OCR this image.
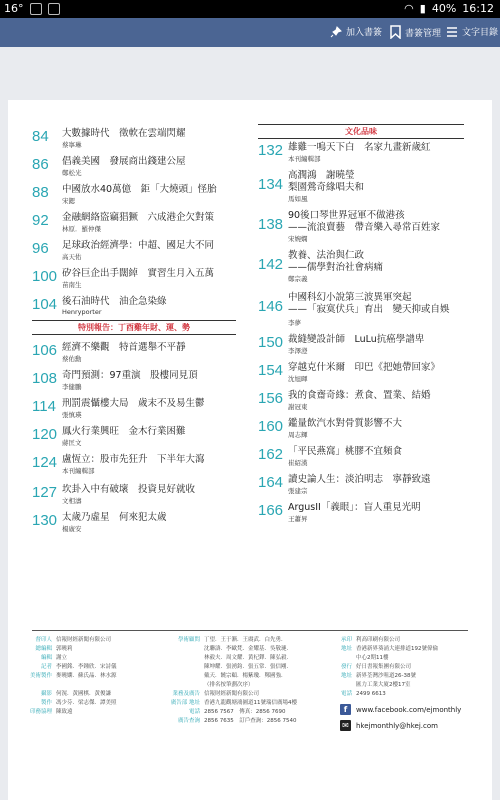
16°	◠ ▮ 40% 16:12
加入書簽	書簽管理 文字目錄
84 大數據時代　徵軟在雲端閃耀
蔡寧琳
86 倡義美國　發展商出錢建公屋
鄭松光
88 中國放水40萬億　鉅「大燒頭」怪胎
宋鍶
92 金融網絡盜竊猖獗　六成港企欠對策
林原．羅仲傑
96 足球政治經濟學：中超、國足大不同
高天佑
100 矽谷巨企出手闊綽　實習生月入五萬
苗南生
104 後石油時代　油企急染綠
Henryporter
特別報告：丁酉雞年財、運、勢
106 經濟不樂觀　特首選舉不平靜
蔡佑勳
108 奇門預測：97重演　股樓同見頂
李健鵬
114 刑罰震懾樓大局　歲末不及易生鬱
張慎瑛
120 鳳火行業興旺　金木行業困難
蔣匡文
124 盧恆立：股市先狂升　下半年大瀉
本刊編輯部
127 坎卦入中有破壞　投資見好就收
文相濤
130 太歲乃虛星　何來犯太歲
楊廣安
文化品味
132 雄雞一鳴天下白　名家九畫新歲紅
本刊編輯部
134
高潤鴻　謝曉瑩
梨園鶯奇緣唱夫和
馬如風
138
90後口琴世界冠軍不做港孩
——流浪賣藝　帶音樂入尋常百姓家
宋婉嫻
142
教養、法治與仁政
——儒學對治社會病痛
鄭宗義
146
中國科幻小說第三波異軍突起
——「寂寞伏兵」育出　變天抑或自娛
李夢
150 裁縫變設計師　LuLu抗癌學譜卑
李澤澄
154 穿越克什米爾　印巴《把她帶回家》
沈旭暉
156 我的食齋奇緣：煮食、置業、結婚
謝冠東
160 鑑量飲汽水對骨質影響不大
周志輝
162 「平民燕窩」桃膠不宜頻食
崔紹漢
164 讀史論人生：淡泊明志　寧靜致遠
張建宗
166 ArgusII「義眼」：盲人重見光明
王蕭昇
督印人 信報財經新聞有限公司
總編輯 郭曉莉
編輯 謝立
記者 李國銘．李鍾欣．宋詩儀
美術製作 麥曉嫻．蘇氏晶．林水源

攝影 何滉．黃國棋．黃俊謙
製作 馮少芬．梁志傑．譚美照
印務協理 陳致遠
學術顧問 丁望．王于漸．王賡武．白先勇．
沈聯濤．李歐梵．金耀基．吳敬璉．
林毅夫．周文耀．黃杞鐸．陳弘毅．
陳坤耀．張湧鈞．張五常．張信剛．
戴天．饒宗頤．楊紫瓊．鄭國強．
（排名按筆劃次序）
業務及廣告 信報財經新聞有限公司
廣告部 地址 香港九龍觀塘鴻圖道11號瑞信廣場4樓
電話 2856 7567　傳真：2856 7690
廣告查詢 2856 7635　訂戶查詢：2856 7540
承印 利高印刷有限公司
地址 香港新界葵涌大連排道192號偉倫
中心2期11樓
發行 好日書報集團有限公司
地址 新界荃灣沙咀道26-38號
匯力工業大廈2樓17室
電話 2499 6613
f	www.facebook.com/ejmonthly
✉	hkejmonthly@hkej.com
